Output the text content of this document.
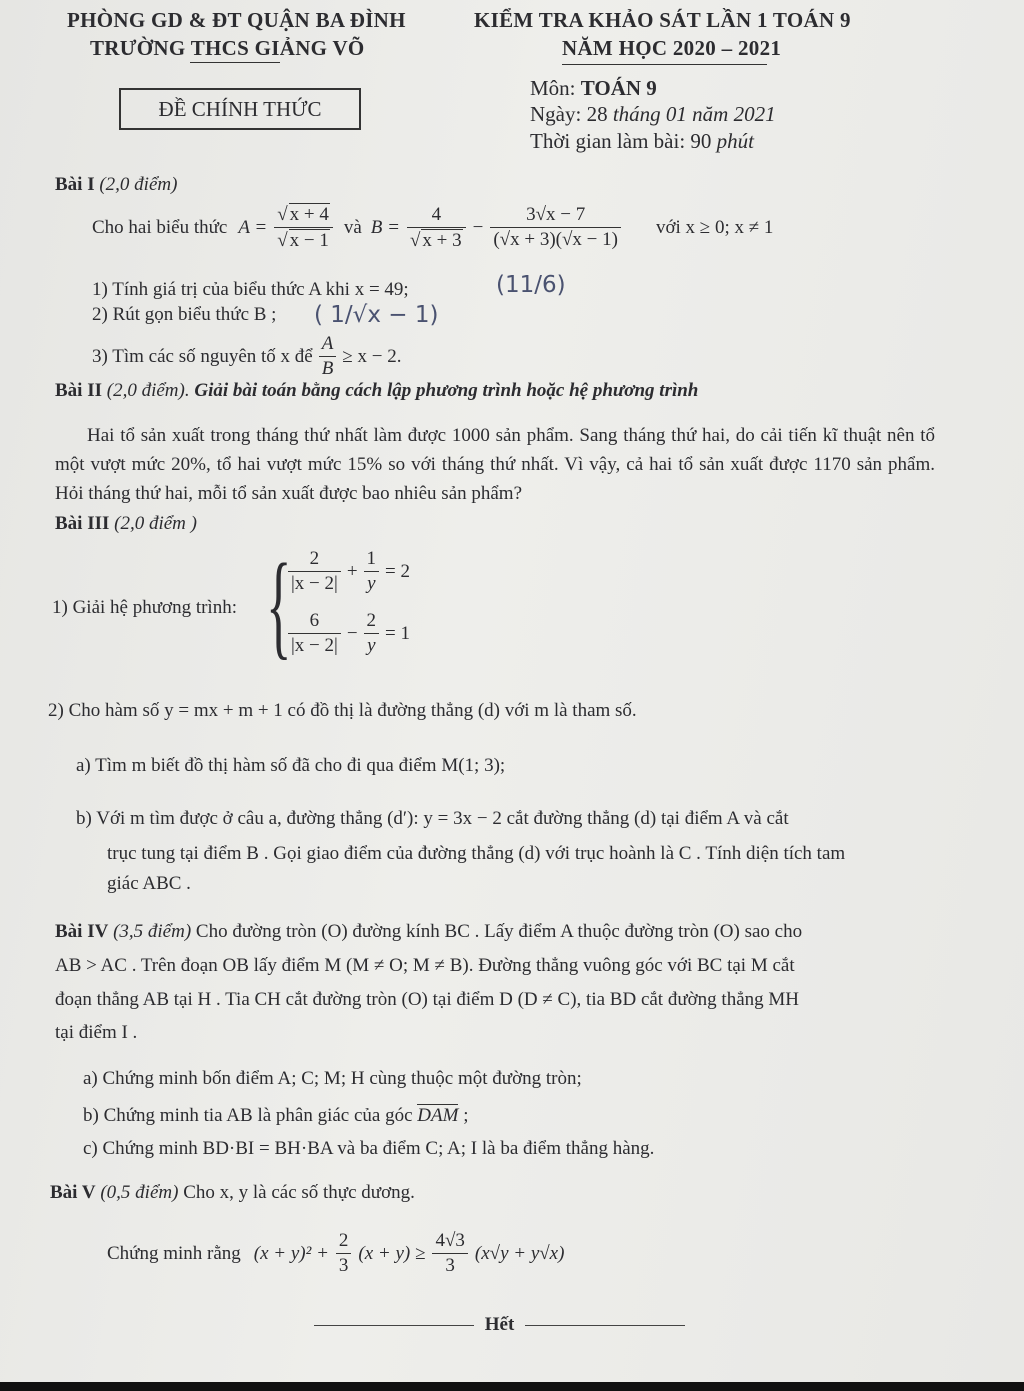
PHÒNG GD & ĐT QUẬN BA ĐÌNH
TRƯỜNG THCS GIẢNG VÕ
KIỂM TRA KHẢO SÁT LẦN 1 TOÁN 9
NĂM HỌC 2020 – 2021
ĐỀ CHÍNH THỨC
Môn: TOÁN 9
Ngày: 28 tháng 01 năm 2021
Thời gian làm bài: 90 phút
Bài I (2,0 điểm)
Cho hai biểu thức $A = \frac{√ x + 4}{√ x - 1}$ và $B = \frac{4}{√ x + 3} - \frac{3√x - 7}{(√x + 3)(√x - 1)}$ với x ≥ 0; x ≠ 1
1) Tính giá trị của biểu thức A khi x = 49;	(11/6)
2) Rút gọn biểu thức B ; ( 1/√x − 1)
3) Tìm các số nguyên tố x để $\frac{A}{B} \ge x - 2$.
Bài II (2,0 điểm). Giải bài toán bằng cách lập phương trình hoặc hệ phương trình
Hai tổ sản xuất trong tháng thứ nhất làm được 1000 sản phẩm. Sang tháng thứ hai, do cải tiến kĩ thuật nên tổ một vượt mức 20%, tổ hai vượt mức 15% so với tháng thứ nhất. Vì vậy, cả hai tổ sản xuất được 1170 sản phẩm. Hỏi tháng thứ hai, mỗi tổ sản xuất được bao nhiêu sản phẩm?
Bài III (2,0 điểm )
1) Giải hệ phương trình: {
$\frac{2}{|x - 2|} + \frac{1}{y} = 2$
$\frac{6}{|x - 2|} - \frac{2}{y} = 1$
2) Cho hàm số y = mx + m + 1 có đồ thị là đường thẳng (d) với m là tham số.
a) Tìm m biết đồ thị hàm số đã cho đi qua điểm M(1; 3);
b) Với m tìm được ở câu a, đường thẳng (d′): y = 3x − 2 cắt đường thẳng (d) tại điểm A và cắt
trục tung tại điểm B . Gọi giao điểm của đường thẳng (d) với trục hoành là C . Tính diện tích tam
giác ABC .
Bài IV (3,5 điểm) Cho đường tròn (O) đường kính BC . Lấy điểm A thuộc đường tròn (O) sao cho
AB > AC . Trên đoạn OB lấy điểm M (M ≠ O; M ≠ B). Đường thẳng vuông góc với BC tại M cắt
đoạn thẳng AB tại H . Tia CH cắt đường tròn (O) tại điểm D (D ≠ C), tia BD cắt đường thẳng MH
tại điểm I .
a) Chứng minh bốn điểm A; C; M; H cùng thuộc một đường tròn;
b) Chứng minh tia AB là phân giác của góc DAM ;
c) Chứng minh BD·BI = BH·BA và ba điểm C; A; I là ba điểm thẳng hàng.
Bài V (0,5 điểm) Cho x, y là các số thực dương.
Chứng minh rằng $(x + y)^2 + \frac{2}{3} (x + y) \ge \frac{4√3}{3} (x√y + y√x)$
Hết
